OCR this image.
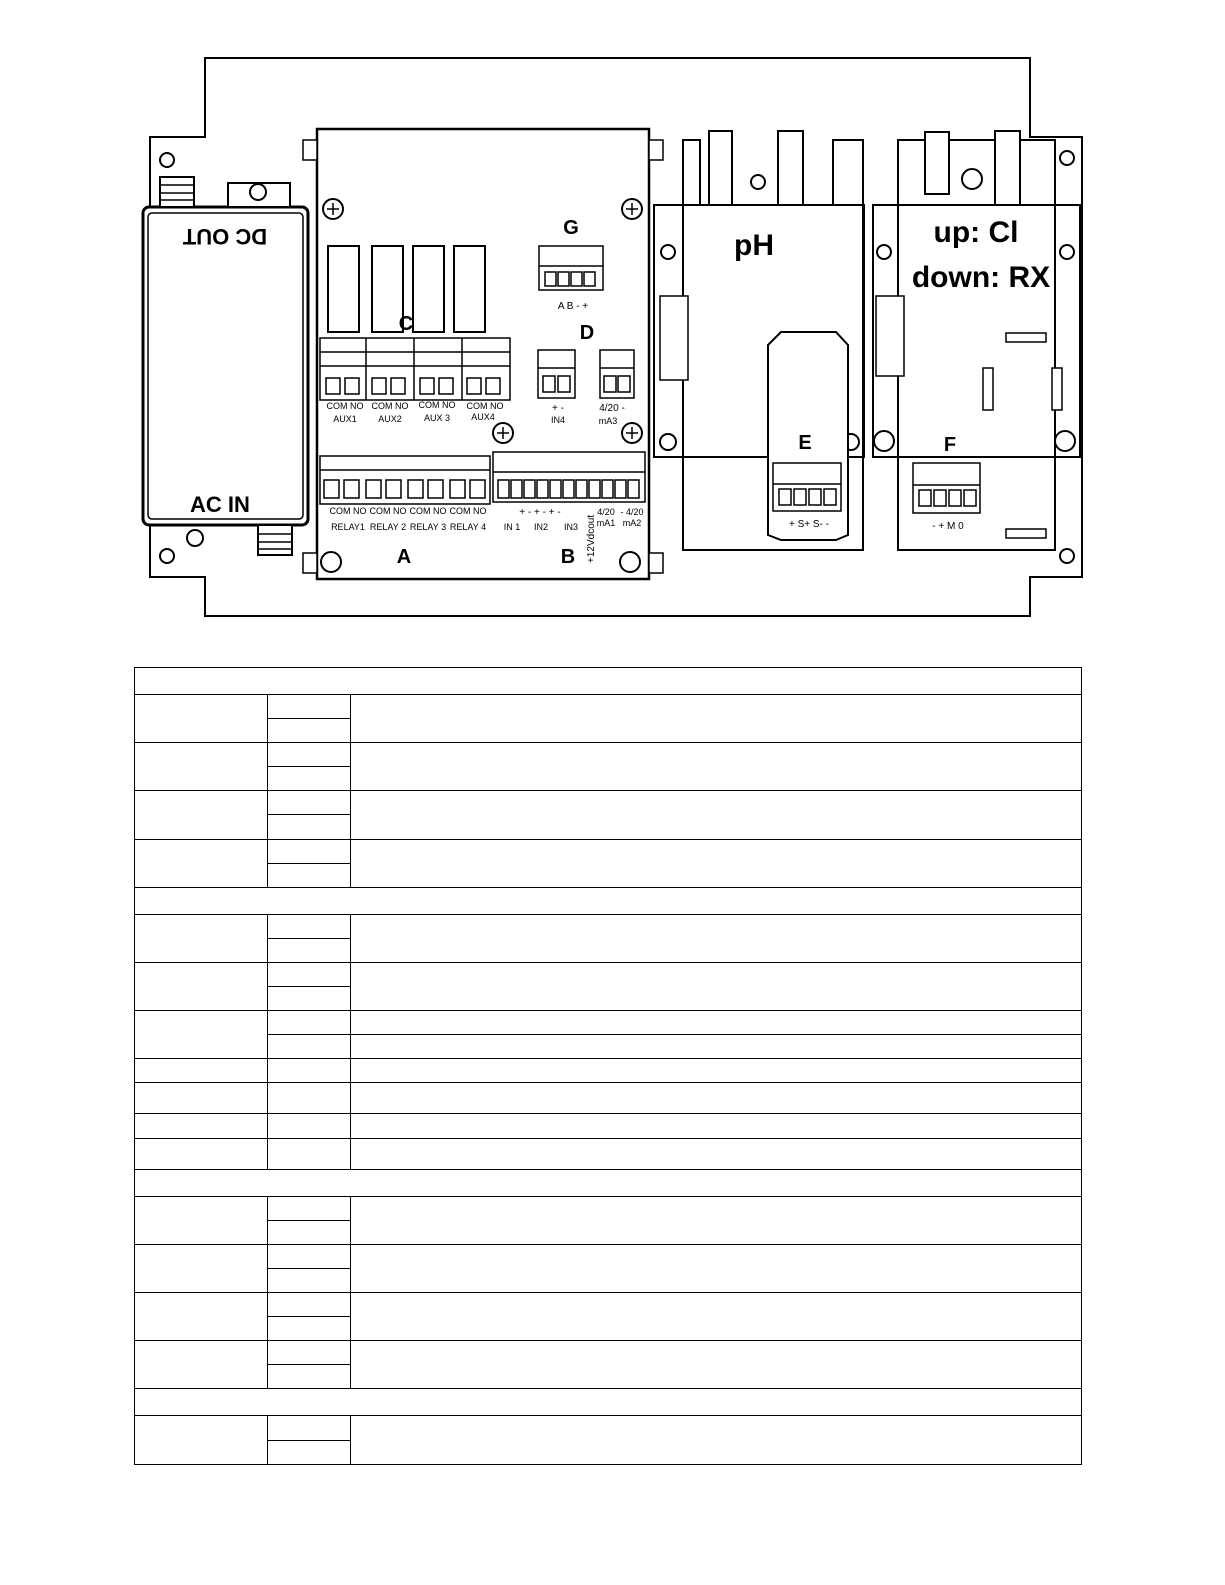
DC OUT
AC IN
C
COM NO COM NO COM NO COM NO
AUX1 AUX2 AUX 3 AUX4
COM NO COM NO COM NO COM NO
RELAY1 RELAY 2 RELAY 3 RELAY 4
A
+ - + - + -
IN 1 IN2 IN3 +12Vdcout
4/20
mA1
- 4/20
mA2
B
G
A B - +
D
+ -
IN4
4/20 -
mA3
pH
E
+ S+ S- -
up: Cl
down: RX
F
- + M 0
